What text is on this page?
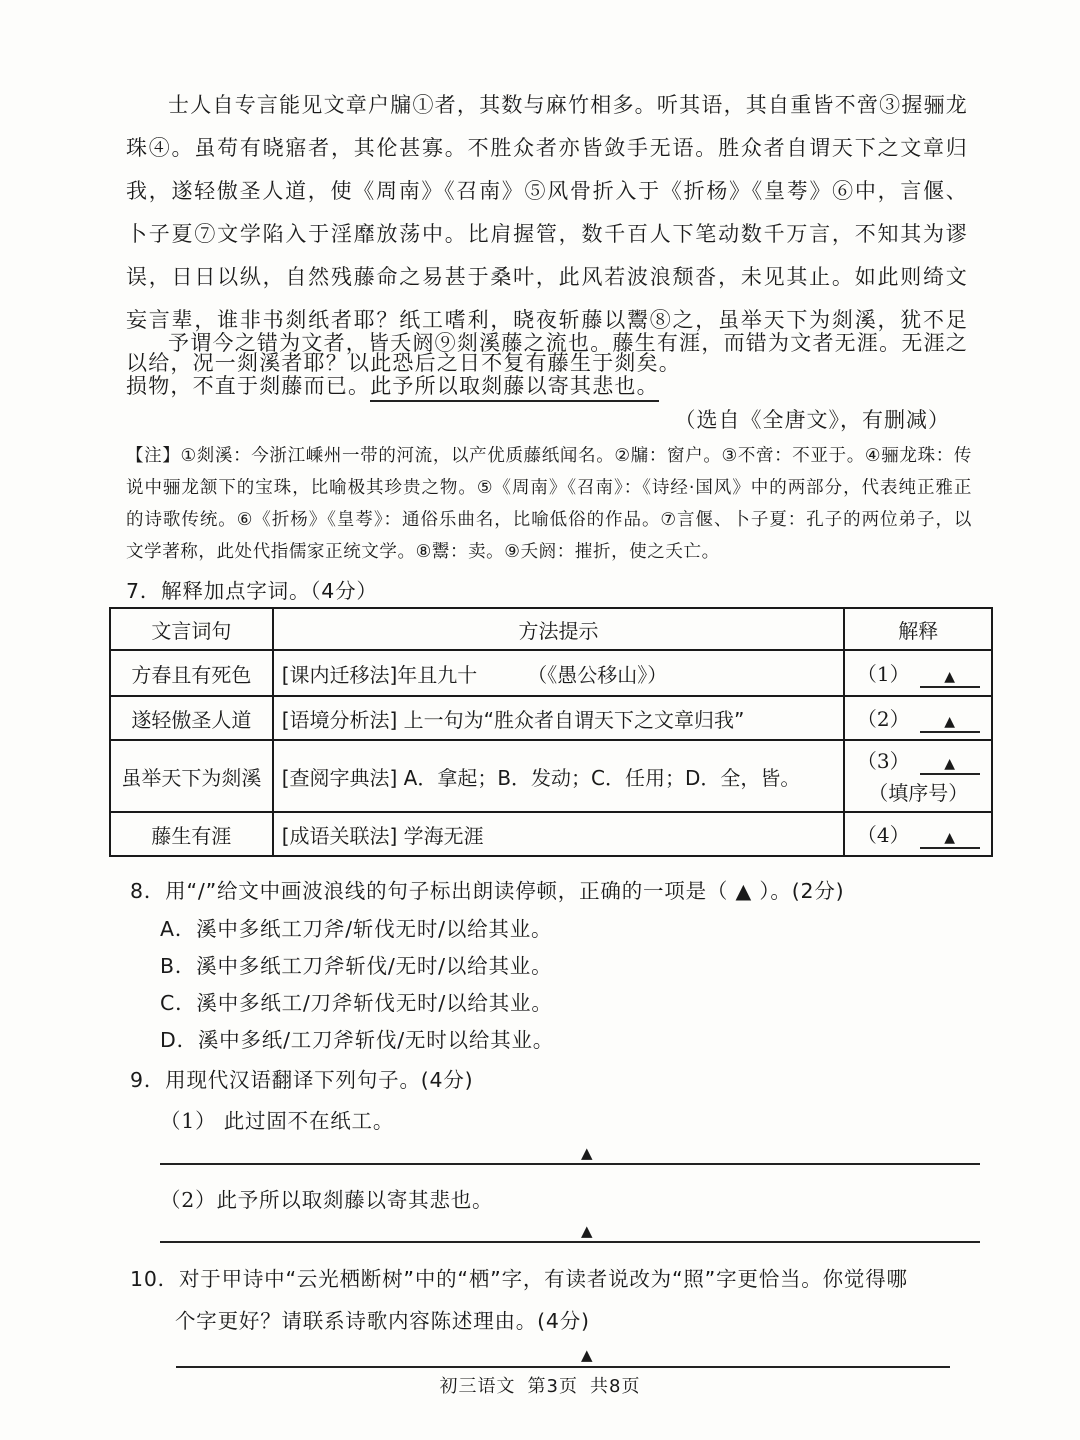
士人自专言能见文章户牖①者，其数与麻竹相多。听其语，其自重皆不啻③握骊龙珠④。虽苟有晓寤者，其伦甚寡。不胜众者亦皆敛手无语。胜众者自谓天下之文章归我，遂轻傲圣人道，使《周南》《召南》⑤风骨折入于《折杨》《皇荂》⑥中，言偃、卜子夏⑦文学陷入于淫靡放荡中。比肩握管，数千百人下笔动数千万言，不知其为谬误，日日以纵，自然残藤命之易甚于桑叶，此风若波浪颓沓，未见其止。如此则绮文妄言辈，谁非书剡纸者耶？纸工嗜利，晓夜斩藤以鬻⑧之，虽举天下为剡溪，犹不足以给，况一剡溪者耶？以此恐后之日不复有藤生于剡矣。

予谓今之错为文者，皆夭阏⑨剡溪藤之流也。藤生有涯，而错为文者无涯。无涯之损物，不直于剡藤而已。此予所以取剡藤以寄其悲也。

（选自《全唐文》，有删减）

【注】①剡溪：今浙江嵊州一带的河流，以产优质藤纸闻名。②牖：窗户。③不啻：不亚于。④骊龙珠：传说中骊龙颔下的宝珠，比喻极其珍贵之物。⑤《周南》《召南》：《诗经·国风》中的两部分，代表纯正雅正的诗歌传统。⑥《折杨》《皇荂》：通俗乐曲名，比喻低俗的作品。⑦言偃、卜子夏：孔子的两位弟子，以文学著称，此处代指儒家正统文学。⑧鬻：卖。⑨夭阏：摧折，使之夭亡。

7．解释加点字词。（4分）
文言词句	方法提示	解释
方春且有死色	[课内迁移法]年且九十　　　（《愚公移山》）	（1） ▲
遂轻傲圣人道	[语境分析法] 上一句为“胜众者自谓天下之文章归我”	（2） ▲
虽举天下为剡溪	[查阅字典法] A．拿起；B．发动；C．任用；D．全，皆。	（3） ▲
（填序号）

藤生有涯	[成语关联法] 学海无涯	（4） ▲
8．用“/”给文中画波浪线的句子标出朗读停顿，正确的一项是（ ▲ ）。(2分)
A．溪中多纸工刀斧/斩伐无时/以给其业。
B．溪中多纸工刀斧斩伐/无时/以给其业。
C．溪中多纸工/刀斧斩伐无时/以给其业。
D．溪中多纸/工刀斧斩伐/无时以给其业。
9．用现代汉语翻译下列句子。(4分)
（1） 此过固不在纸工。
▲
（2）此予所以取剡藤以寄其悲也。
▲
10．对于甲诗中“云光栖断树”中的“栖”字，有读者说改为“照”字更恰当。你觉得哪
个字更好？请联系诗歌内容陈述理由。(4分)
▲
初三语文 第3页 共8页
